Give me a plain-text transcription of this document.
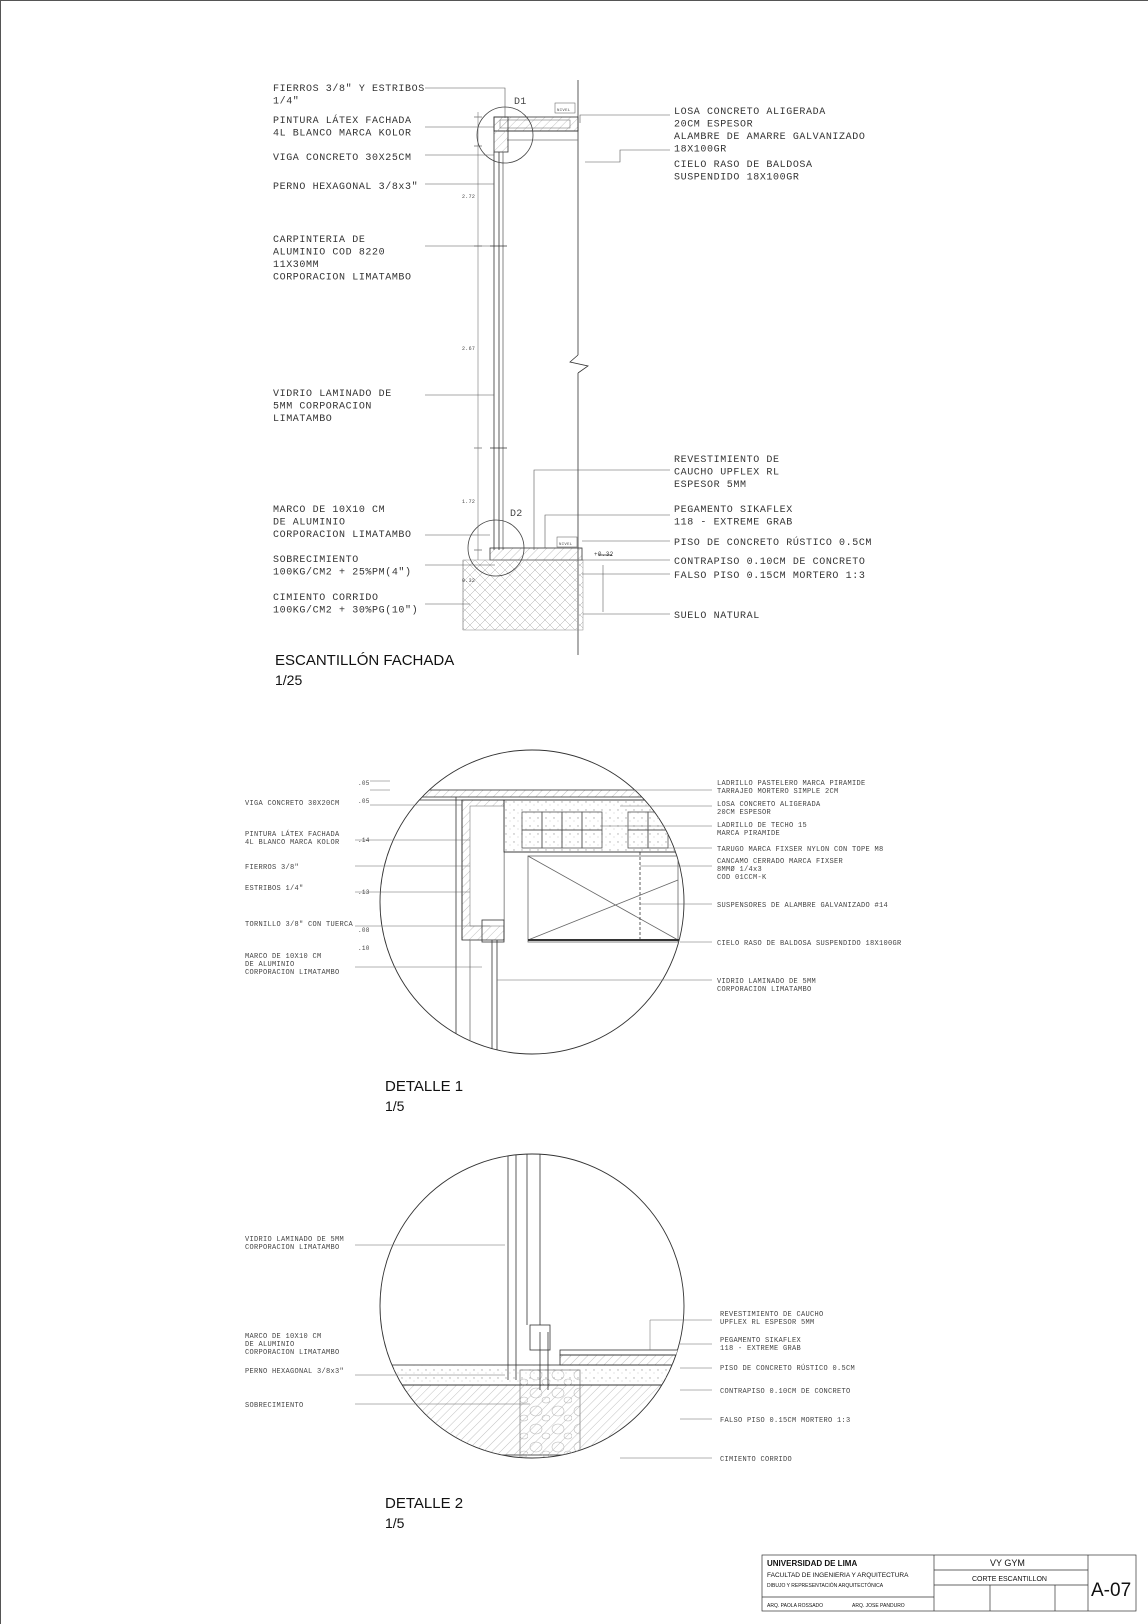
FIERROS 3/8" Y ESTRIBOS
1/4"
PINTURA LÁTEX FACHADA
4L BLANCO MARCA KOLOR
VIGA CONCRETO 30X25CM
PERNO HEXAGONAL 3/8x3"
CARPINTERIA DE
ALUMINIO COD 8220
11X30MM
CORPORACION LIMATAMBO
VIDRIO LAMINADO DE
5MM CORPORACION
LIMATAMBO
MARCO DE 10X10 CM
DE ALUMINIO
CORPORACION LIMATAMBO
SOBRECIMIENTO
100KG/CM2 + 25%PM(4")
CIMIENTO CORRIDO
100KG/CM2 + 30%PG(10")
LOSA CONCRETO ALIGERADA
20CM ESPESOR
ALAMBRE DE AMARRE GALVANIZADO
18X100GR
CIELO RASO DE BALDOSA
SUSPENDIDO 18X100GR
REVESTIMIENTO DE
CAUCHO UPFLEX RL
ESPESOR 5MM
PEGAMENTO SIKAFLEX
118 - EXTREME GRAB
PISO DE CONCRETO RÚSTICO 0.5CM
CONTRAPISO 0.10CM DE CONCRETO
FALSO PISO 0.15CM MORTERO 1:3
SUELO NATURAL
D1
D2
2.72
2.67
1.72
0.32
NIVEL
NIVEL
+0.32
ESCANTILLÓN FACHADA
1/25
VIGA CONCRETO 30X20CM
PINTURA LÁTEX FACHADA
4L BLANCO MARCA KOLOR
FIERROS 3/8"
ESTRIBOS 1/4"
TORNILLO 3/8" CON TUERCA
MARCO DE 10X10 CM
DE ALUMINIO
CORPORACION LIMATAMBO
LADRILLO PASTELERO MARCA PIRAMIDE
TARRAJEO MORTERO SIMPLE 2CM
LOSA CONCRETO ALIGERADA
20CM ESPESOR
LADRILLO DE TECHO 15
MARCA PIRAMIDE
TARUGO MARCA FIXSER NYLON CON TOPE M8
CANCAMO CERRADO MARCA FIXSER
8MMØ 1/4x3
COD 01CCM-K
SUSPENSORES DE ALAMBRE GALVANIZADO #14
CIELO RASO DE BALDOSA SUSPENDIDO 18X100GR
VIDRIO LAMINADO DE 5MM
CORPORACION LIMATAMBO
.05
.05
.14
.13
.08
.10
DETALLE 1
1/5
VIDRIO LAMINADO DE 5MM
CORPORACION LIMATAMBO
MARCO DE 10X10 CM
DE ALUMINIO
CORPORACION LIMATAMBO
PERNO HEXAGONAL 3/8x3"
SOBRECIMIENTO
REVESTIMIENTO DE CAUCHO
UPFLEX RL ESPESOR 5MM
PEGAMENTO SIKAFLEX
118 - EXTREME GRAB
PISO DE CONCRETO RÚSTICO 0.5CM
CONTRAPISO 0.10CM DE CONCRETO
FALSO PISO 0.15CM MORTERO 1:3
CIMIENTO CORRIDO
DETALLE 2
1/5
UNIVERSIDAD DE LIMA
FACULTAD DE INGENIERIA Y ARQUITECTURA
DIBUJO Y REPRESENTACIÓN ARQUITECTÓNICA
ARQ. PAOLA ROSSADO	ARQ. JOSE PANDURO
VY GYM
CORTE ESCANTILLON
A-07
